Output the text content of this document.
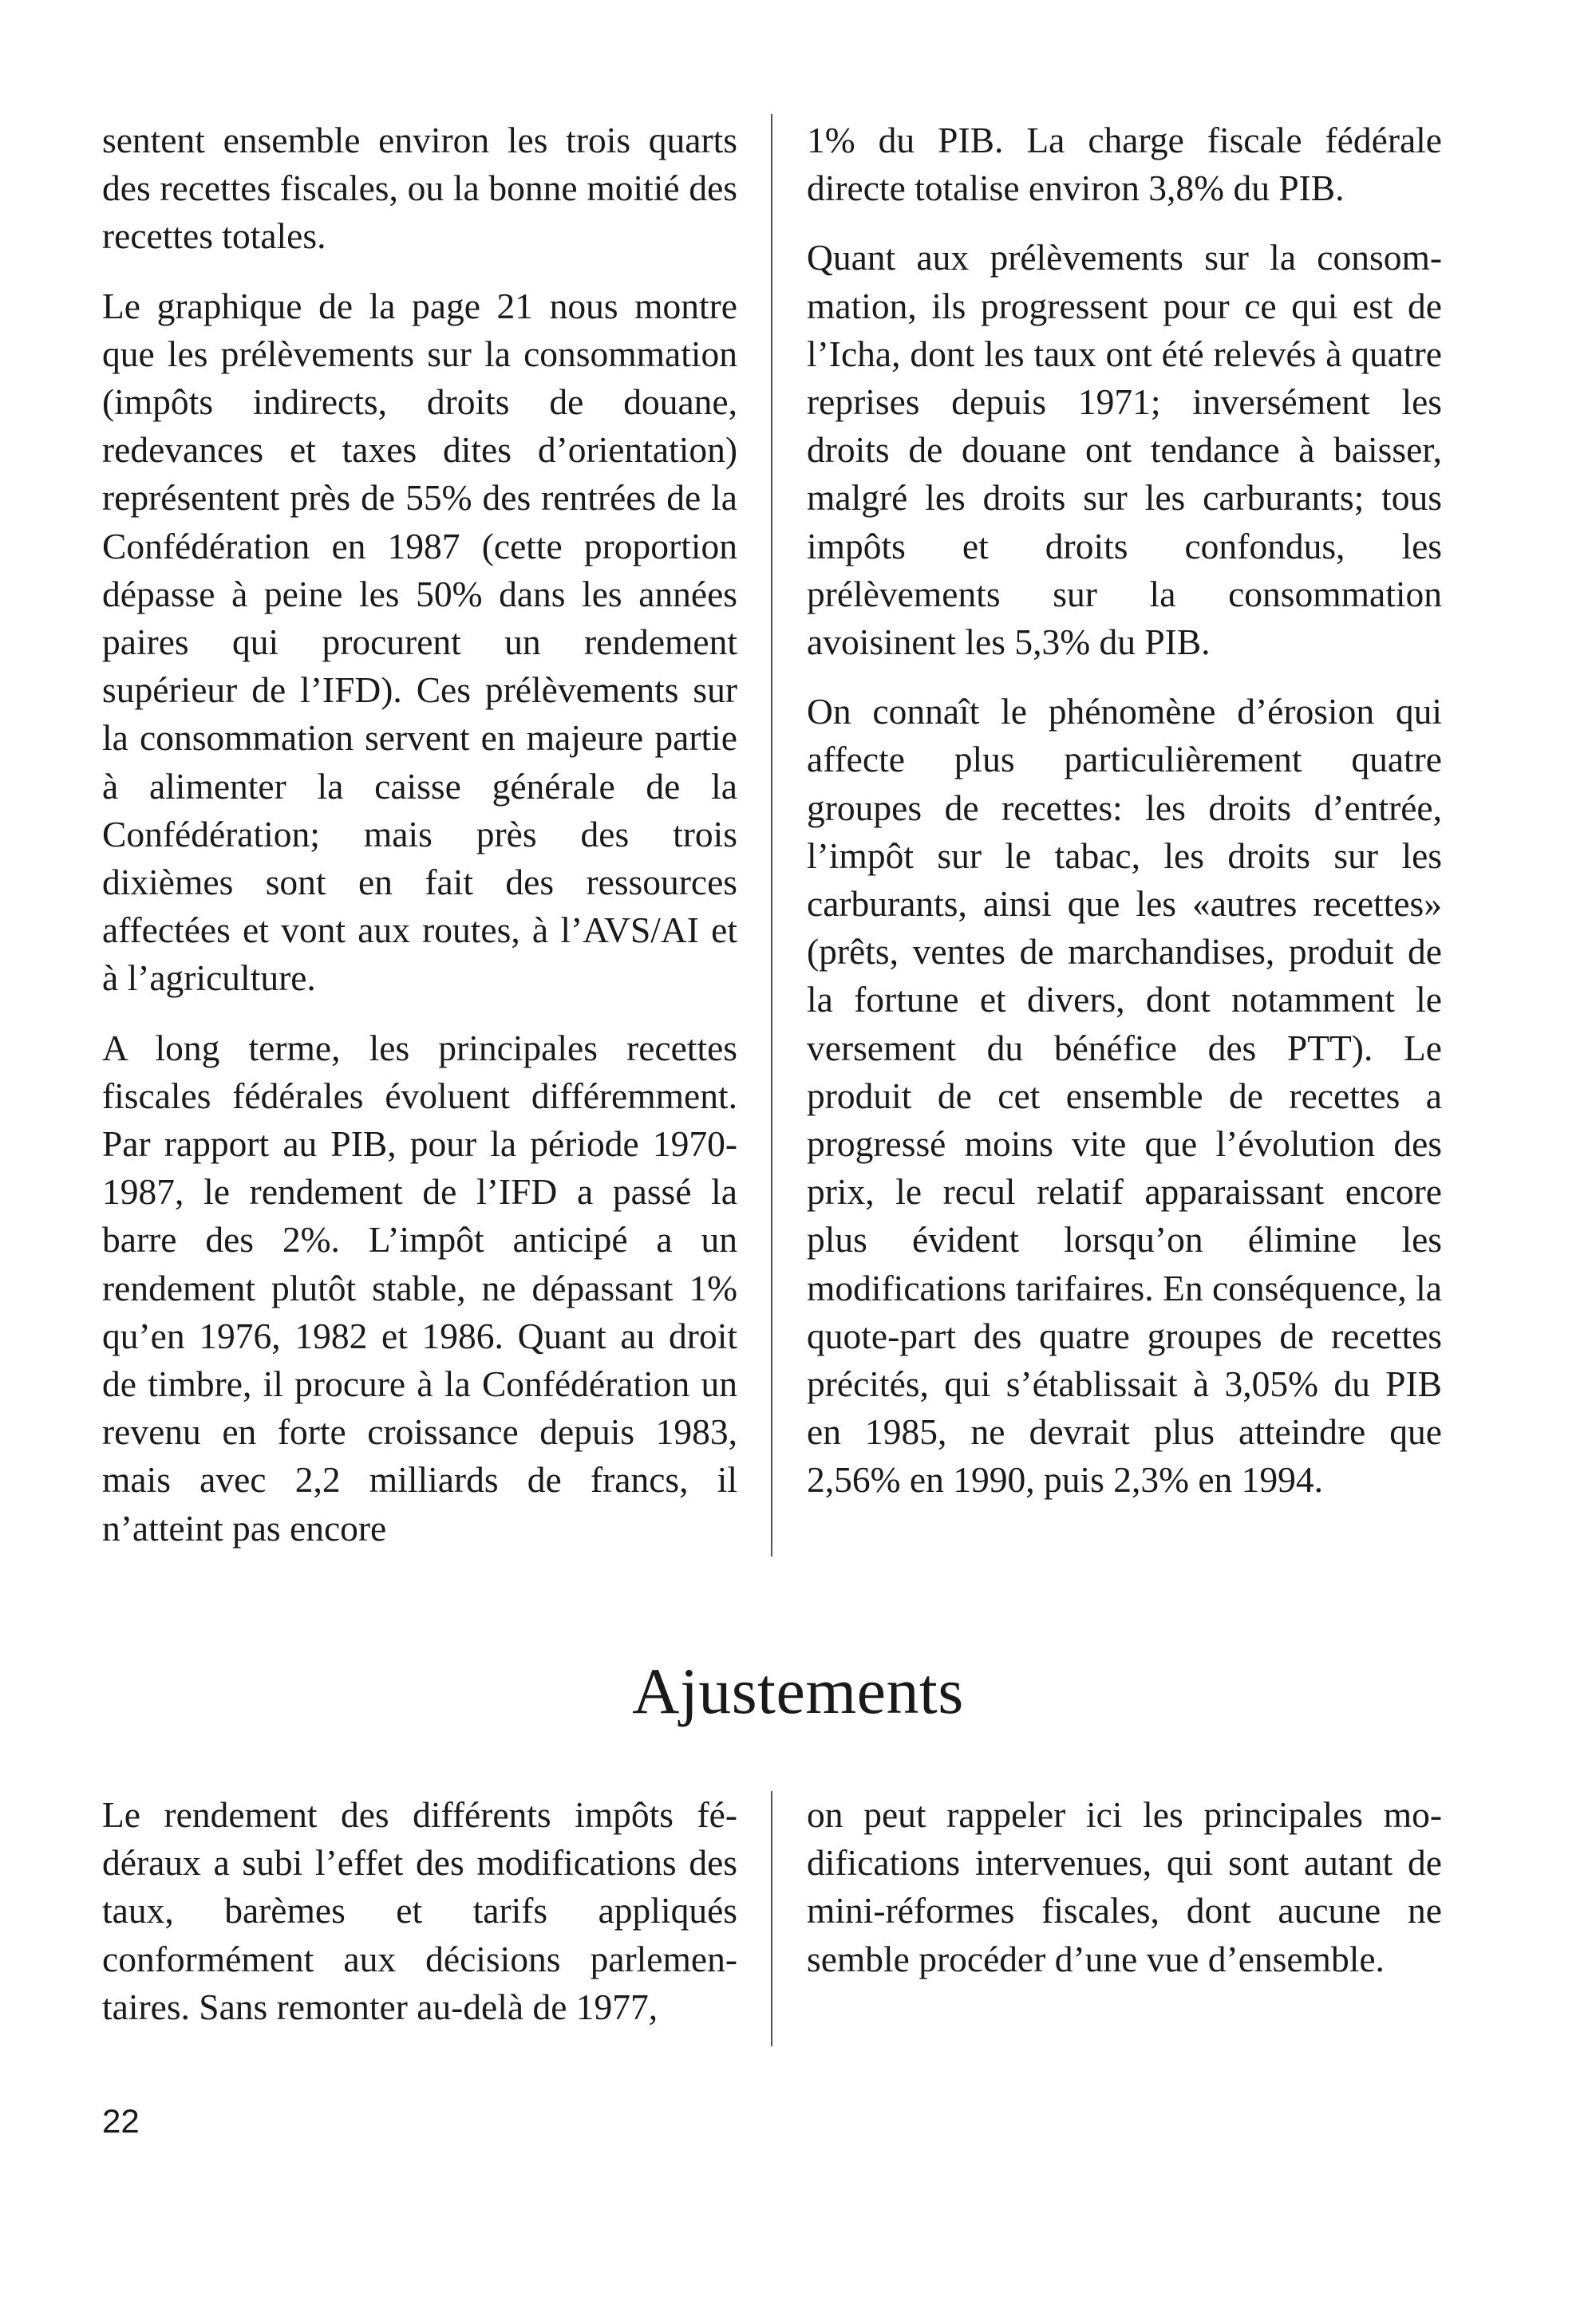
sentent ensemble environ les trois quarts des recettes fiscales, ou la bonne moitié des recettes totales.

Le graphique de la page 21 nous montre que les prélèvements sur la consommation (impôts indirects, droits de douane, redevances et taxes dites d’orientation) représentent près de 55% des rentrées de la Confédération en 1987 (cette proportion dépasse à peine les 50% dans les années paires qui procurent un rendement supérieur de l’IFD). Ces prélèvements sur la consommation servent en majeure partie à alimenter la caisse générale de la Confédération; mais près des trois dixièmes sont en fait des ressources affectées et vont aux routes, à l’AVS/AI et à l’agriculture.

A long terme, les principales recettes fiscales fédérales évoluent différemment. Par rapport au PIB, pour la période 1970-1987, le rendement de l’IFD a passé la barre des 2%. L’impôt anticipé a un rendement plutôt stable, ne dépassant 1% qu’en 1976, 1982 et 1986. Quant au droit de timbre, il procure à la Confédération un revenu en forte croissance depuis 1983, mais avec 2,2 milliards de francs, il n’atteint pas encore

1% du PIB. La charge fiscale fédérale directe totalise environ 3,8% du PIB.

Quant aux prélèvements sur la consommation, ils progressent pour ce qui est de l’Icha, dont les taux ont été relevés à quatre reprises depuis 1971; inversément les droits de douane ont tendance à baisser, malgré les droits sur les carburants; tous impôts et droits confondus, les prélèvements sur la consommation avoisinent les 5,3% du PIB.

On connaît le phénomène d’érosion qui affecte plus particulièrement quatre groupes de recettes: les droits d’entrée, l’impôt sur le tabac, les droits sur les carburants, ainsi que les «autres recettes» (prêts, ventes de marchandises, produit de la fortune et divers, dont notamment le versement du bénéfice des PTT). Le produit de cet ensemble de recettes a progressé moins vite que l’évolution des prix, le recul relatif apparaissant encore plus évident lorsqu’on élimine les modifications tarifaires. En conséquence, la quote-part des quatre groupes de recettes précités, qui s’établissait à 3,05% du PIB en 1985, ne devrait plus atteindre que 2,56% en 1990, puis 2,3% en 1994.

Ajustements

Le rendement des différents impôts fédéraux a subi l’effet des modifications des taux, barèmes et tarifs appliqués conformément aux décisions parlementaires. Sans remonter au-delà de 1977,

on peut rappeler ici les principales modifications intervenues, qui sont autant de mini-réformes fiscales, dont aucune ne semble procéder d’une vue d’ensemble.

22
